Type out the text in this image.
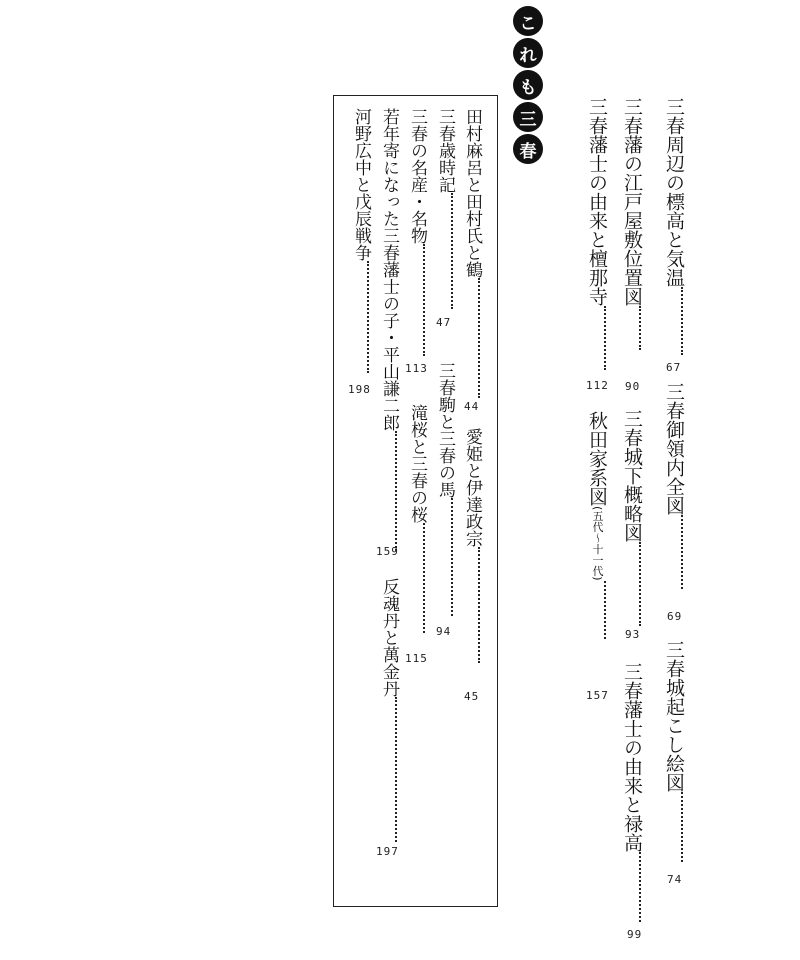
こ
れ
も
三
春	三春周辺の標高と気温
67
三春御領内全図
69
三春城起こし絵図
74
三春藩の江戸屋敷位置図
90
三春城下概略図
93
三春藩士の由来と禄高
99
三春藩士の由来と檀那寺
112
秋田家系図(五代〜十一代)
157
田村麻呂と田村氏と鶴
44
愛姫と伊達政宗
45
三春歳時記
47
三春駒と三春の馬
94
三春の名産・名物
113
滝桜と三春の桜
115
若年寄になった三春藩士の子・平山謙二郎
159
反魂丹と萬金丹
197
河野広中と戊辰戦争
198
